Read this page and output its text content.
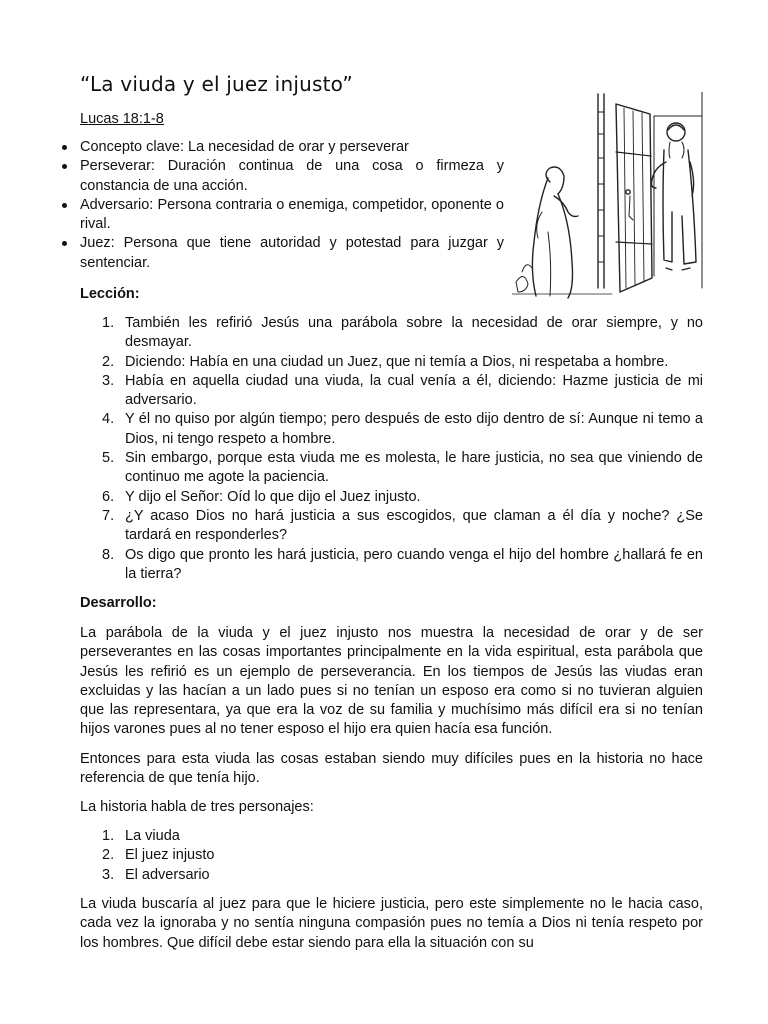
“La viuda y el juez injusto”
Lucas 18:1-8
Concepto clave: La necesidad de orar y perseverar
Perseverar: Duración continua de una cosa o firmeza y constancia de una acción.
Adversario: Persona contraria o enemiga, competidor, oponente o rival.
Juez: Persona que tiene autoridad y potestad para juzgar y sentenciar.
Lección:
1. También les refirió Jesús una parábola sobre la necesidad de orar siempre, y no desmayar.
2. Diciendo: Había en una ciudad un Juez, que ni temía a Dios, ni respetaba a hombre.
3. Había en aquella ciudad una viuda, la cual venía a él, diciendo: Hazme justicia de mi adversario.
4. Y él no quiso por algún tiempo; pero después de esto dijo dentro de sí: Aunque ni temo a Dios, ni tengo respeto a hombre.
5. Sin embargo, porque esta viuda me es molesta, le hare justicia, no sea que viniendo de continuo me agote la paciencia.
6. Y dijo el Señor: Oíd lo que dijo el Juez injusto.
7. ¿Y acaso Dios no hará justicia a sus escogidos, que claman a él día y noche? ¿Se tardará en responderles?
8. Os digo que pronto les hará justicia, pero cuando venga el hijo del hombre ¿hallará fe en la tierra?
Desarrollo:

La parábola de la viuda y el juez injusto nos muestra la necesidad de orar y de ser perseverantes en las cosas importantes principalmente en la vida espiritual, esta parábola que Jesús les refirió es un ejemplo de perseverancia. En los tiempos de Jesús las viudas eran excluidas y las hacían a un lado pues si no tenían un esposo era como si no tuvieran alguien que las representara, ya que era la voz de su familia y muchísimo más difícil era si no tenían hijos varones pues al no tener esposo el hijo era quien hacía esa función.

Entonces para esta viuda las cosas estaban siendo muy difíciles pues en la historia no hace referencia de que tenía hijo.

La historia habla de tres personajes:

1. La viuda
2. El juez injusto
3. El adversario

La viuda buscaría al juez para que le hiciere justicia, pero este simplemente no le hacia caso, cada vez la ignoraba y no sentía ninguna compasión pues no temía a Dios ni tenía respeto por los hombres. Que difícil debe estar siendo para ella la situación con su
